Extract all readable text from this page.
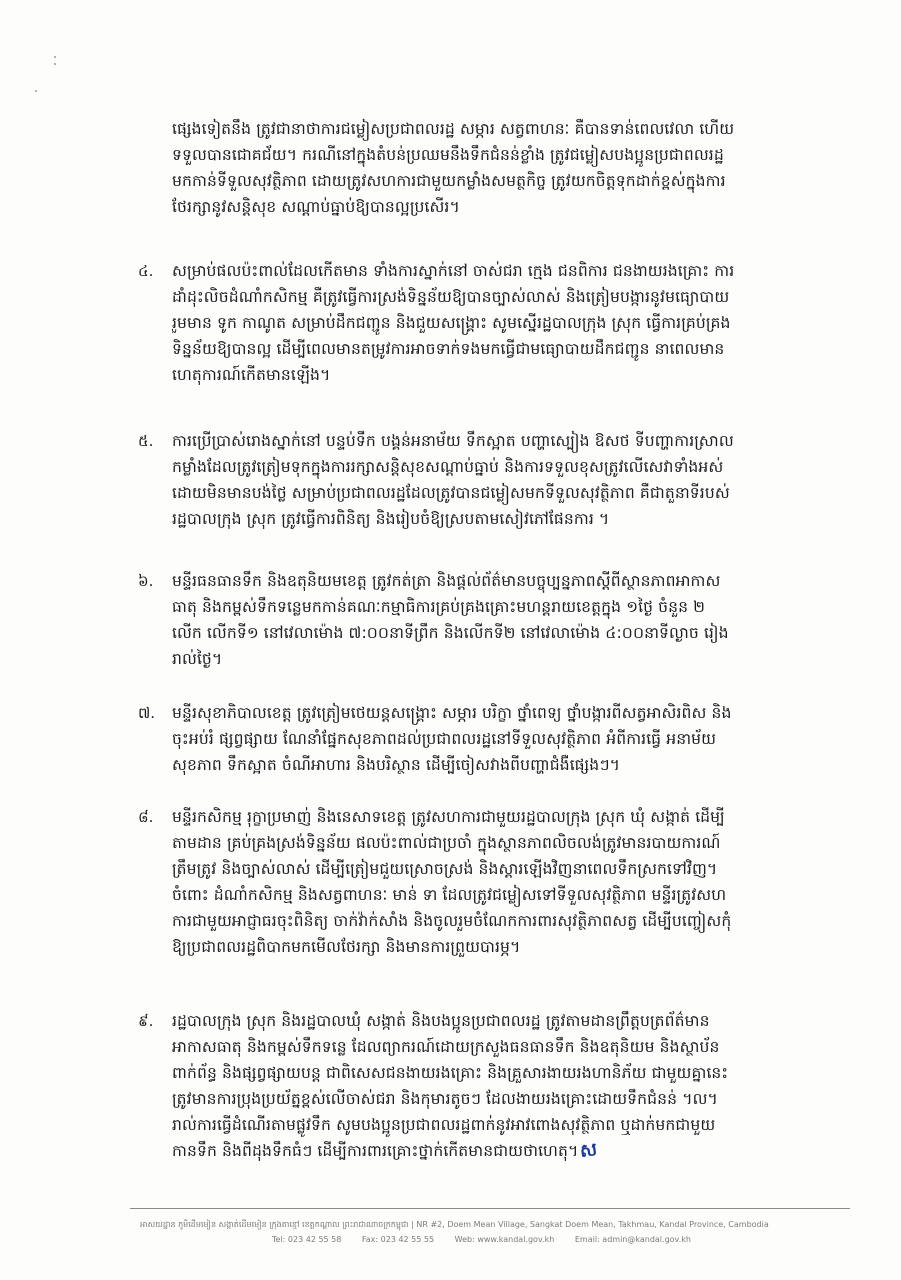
ផ្សេងទៀតនឹង ត្រូវជានាថាការជម្លៀសប្រជាពលរដ្ឋ សម្ភារ សត្វពាហនៈ គឺបានទាន់ពេលវេលា ហើយ
ទទួលបានជោគជ័យ។ ករណីនៅក្នុងតំបន់ប្រឈមនឹងទឹកជំនន់ខ្លាំង ត្រូវជម្លៀសបងប្អូនប្រជាពលរដ្ឋ
មកកាន់ទីទួលសុវត្ថិភាព ដោយត្រូវសហការជាមួយកម្លាំងសមត្ថកិច្ច ត្រូវយកចិត្តទុកដាក់ខ្ពស់ក្នុងការ
ថែរក្សានូវសន្តិសុខ សណ្តាប់ធ្នាប់ឱ្យបានល្អប្រសើរ។
៤.	សម្រាប់ផលប៉ះពាល់ដែលកើតមាន ទាំងការស្នាក់នៅ ចាស់ជរា ក្មេង ជនពិការ ជនងាយរងគ្រោះ ការ
ដាំដុះលិចដំណាំកសិកម្ម គឺត្រូវធ្វើការស្រង់ទិន្នន័យឱ្យបានច្បាស់លាស់ និងត្រៀមបង្ការនូវមធ្យោបាយ
រួមមាន ទូក កាណូត សម្រាប់ដឹកជញ្ជូន និងជួយសង្គ្រោះ សូមស្នើរដ្ឋបាលក្រុង ស្រុក ធ្វើការគ្រប់គ្រង
ទិន្នន័យឱ្យបានល្អ ដើម្បីពេលមានតម្រូវការអាចទាក់ទងមកធ្វើជាមធ្យោបាយដឹកជញ្ជូន នាពេលមាន
ហេតុការណ៍កើតមានឡើង។
៥.	ការប្រើប្រាស់រោងស្នាក់នៅ បន្ទប់ទឹក បង្គន់អនាម័យ ទឹកស្អាត បញ្ហាស្បៀង ឱសថ ទីបញ្ហាការស្រាល
កម្លាំងដែលត្រូវត្រៀមទុកក្នុងការរក្សាសន្តិសុខសណ្តាប់ធ្នាប់ និងការទទួលខុសត្រូវលើសេវាទាំងអស់
ដោយមិនមានបង់ថ្លៃ សម្រាប់ប្រជាពលរដ្ឋដែលត្រូវបានជម្លៀសមកទីទួលសុវត្ថិភាព គឺជាតួនាទីរបស់
រដ្ឋបាលក្រុង ស្រុក ត្រូវធ្វើការពិនិត្យ និងរៀបចំឱ្យស្របតាមសៀវភៅផែនការ ។
៦.	មន្ទីរធនធានទឹក និងឧតុនិយមខេត្ត ត្រូវកត់ត្រា និងផ្តល់ព័ត៌មានបច្ចុប្បន្នភាពស្តីពីស្ថានភាពអាកាស
ធាតុ និងកម្ពស់ទឹកទន្លេមកកាន់គណៈកម្មាធិការគ្រប់គ្រងគ្រោះមហន្តរាយខេត្តក្នុង ១ថ្ងៃ ចំនួន ២
លើក លើកទី១ នៅវេលាម៉ោង ៧:០០នាទីព្រឹក និងលើកទី២ នៅវេលាម៉ោង ៤:០០នាទីល្ងាច រៀង
រាល់ថ្ងៃ។
៧.	មន្ទីរសុខាភិបាលខេត្ត ត្រូវត្រៀមថេយន្តសង្គ្រោះ សម្ភារ បរិក្ខា ថ្នាំពេទ្យ ថ្នាំបង្ការពីសត្វអាសិរពិស និង
ចុះអប់រំ ផ្សព្វផ្សាយ ណែនាំផ្នែកសុខភាពដល់ប្រជាពលរដ្ឋនៅទីទួលសុវត្ថិភាព អំពីការធ្វើ អនាម័យ
សុខភាព ទឹកស្អាត ចំណីអាហារ និងបរិស្ថាន ដើម្បីចៀសវាងពីបញ្ហាជំងឺផ្សេងៗ។
៨.	មន្ទីរកសិកម្ម រុក្ខាប្រមាញ់ និងនេសាទខេត្ត ត្រូវសហការជាមួយរដ្ឋបាលក្រុង ស្រុក ឃុំ សង្កាត់ ដើម្បី
តាមដាន គ្រប់គ្រងស្រង់ទិន្នន័យ ផលប៉ះពាល់ជាប្រចាំ ក្នុងស្ថានភាពលិចលង់ត្រូវមានរបាយការណ៍
ត្រឹមត្រូវ និងច្បាស់លាស់ ដើម្បីត្រៀមជួយស្រោចស្រង់ និងស្តារឡើងវិញនាពេលទឹកស្រកទៅវិញ។
ចំពោះ ដំណាំកសិកម្ម និងសត្វពាហនៈ មាន់ ទា ដែលត្រូវជម្លៀសទៅទីទួលសុវត្ថិភាព មន្ទីរត្រូវសហ
ការជាមួយអាជ្ញាធរចុះពិនិត្យ ចាក់វ៉ាក់សាំង និងចូលរួមចំណែកការពារសុវត្ថិភាពសត្វ ដើម្បីបញ្ចៀសកុំ
ឱ្យប្រជាពលរដ្ឋពិបាកមកមើលថែរក្សា និងមានការព្រួយបារម្ភ។
៩.	រដ្ឋបាលក្រុង ស្រុក និងរដ្ឋបាលឃុំ សង្កាត់ និងបងប្អូនប្រជាពលរដ្ឋ ត្រូវតាមដានព្រឹត្តបត្រព័ត៌មាន
អាកាសធាតុ និងកម្ពស់ទឹកទន្លេ ដែលព្យាករណ៍ដោយក្រសួងធនធានទឹក និងឧតុនិយម និងស្ថាប័ន
ពាក់ព័ន្ធ និងផ្សព្វផ្សាយបន្ត ជាពិសេសជនងាយរងគ្រោះ និងគ្រួសារងាយរងហានិភ័យ ជាមួយគ្នានេះ
ត្រូវមានការប្រុងប្រយ័ត្នខ្ពស់លើចាស់ជរា និងកុមារតូចៗ ដែលងាយរងគ្រោះដោយទឹកជំនន់ ។ល។
រាល់ការធ្វើដំណើរតាមផ្លូវទឹក សូមបងប្អូនប្រជាពលរដ្ឋពាក់នូវអាវពោងសុវត្ថិភាព ឬដាក់មកជាមួយ
កានទឹក និងពីដុងទឹកធំៗ ដើម្បីការពារគ្រោះថ្នាក់កើតមានជាយថាហេតុ។ស
អាសយដ្ឋាន ភូមិដើមមៀន សង្កាត់ដើមមៀន ក្រុងតាខ្មៅ ខេត្តកណ្ដាល ព្រះរាជាណាចក្រកម្ពុជា | NR #2, Doem Mean Village, Sangkat Doem Mean, Takhmau, Kandal Province, Cambodia
Tel: 023 42 55 58	Fax: 023 42 55 55	Web: www.kandal.gov.kh	Email: admin@kandal.gov.kh
